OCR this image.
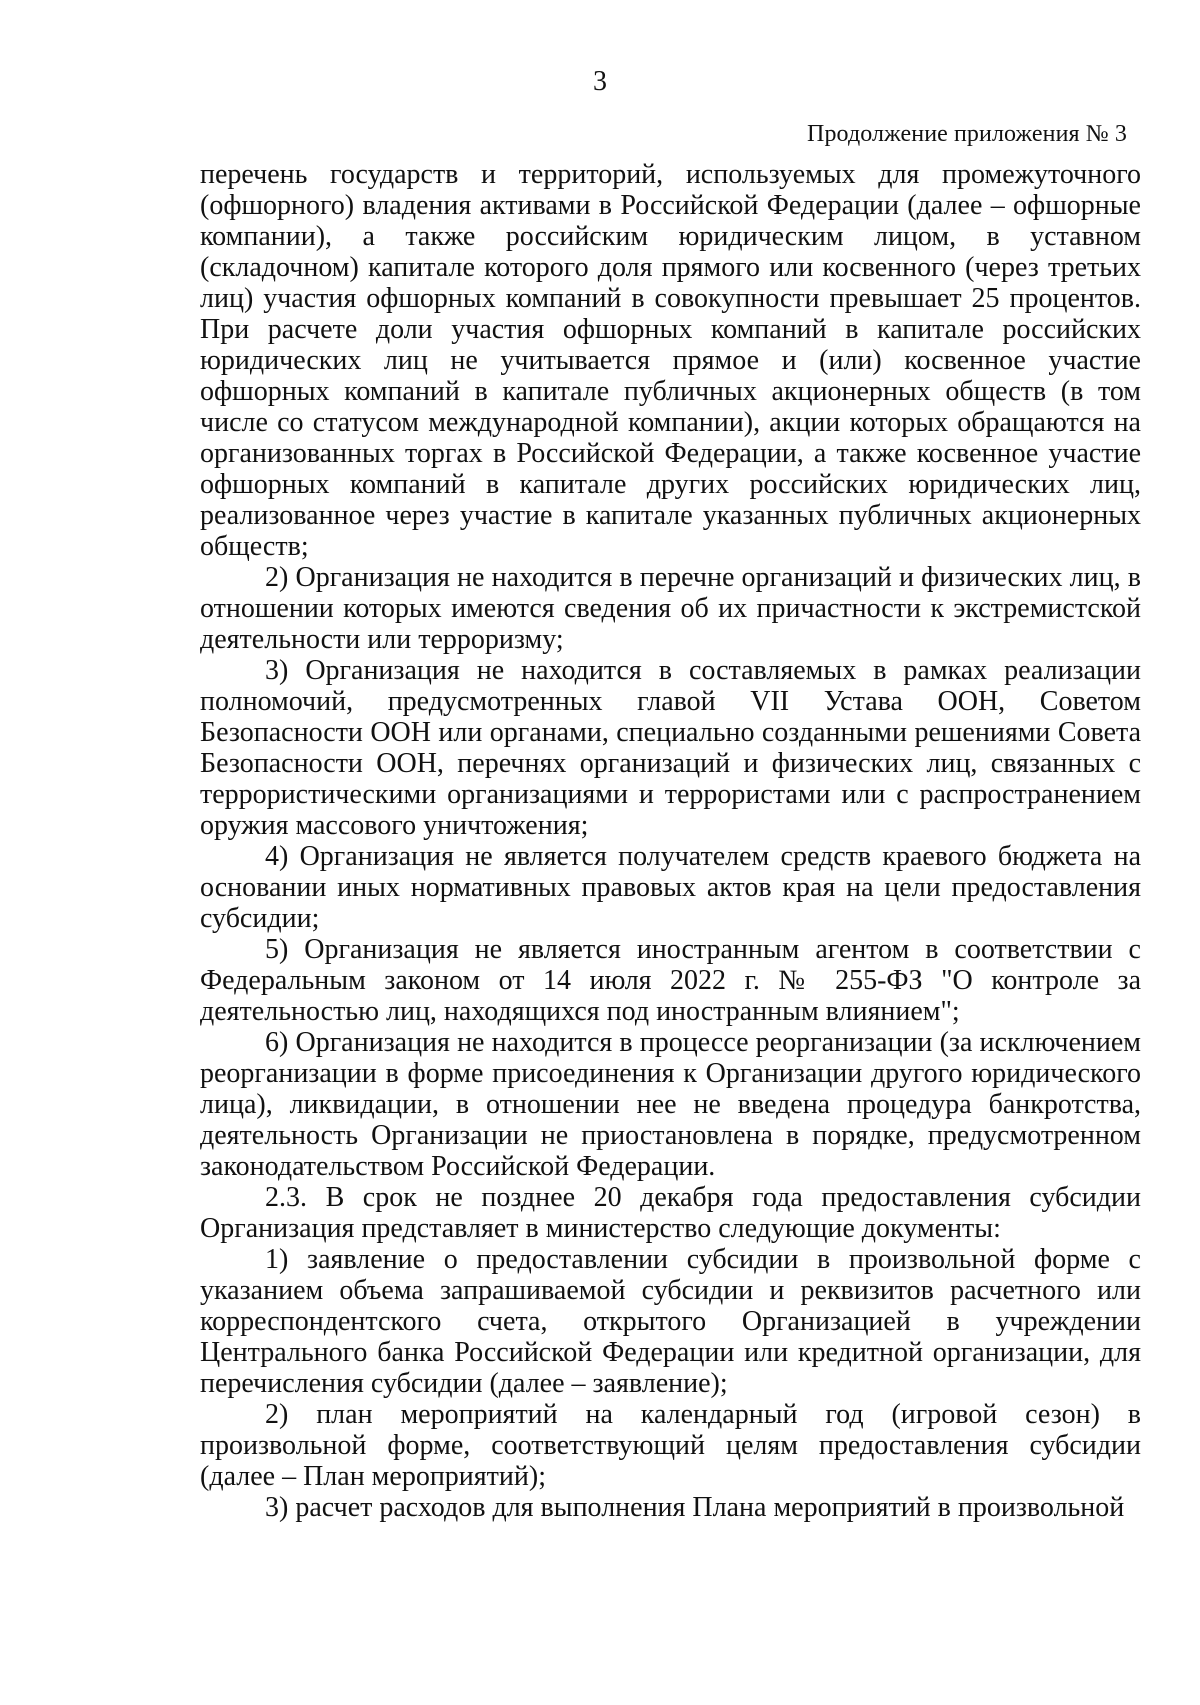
3
Продолжение приложения № 3

перечень государств и территорий, используемых для промежуточного (офшорного) владения активами в Российской Федерации (далее – офшорные компании), а также российским юридическим лицом, в уставном (складочном) капитале которого доля прямого или косвенного (через третьих лиц) участия офшорных компаний в совокупности превышает 25 процентов. При расчете доли участия офшорных компаний в капитале российских юридических лиц не учитывается прямое и (или) косвенное участие офшорных компаний в капитале публичных акционерных обществ (в том числе со статусом международной компании), акции которых обращаются на организованных торгах в Российской Федерации, а также косвенное участие офшорных компаний в капитале других российских юридических лиц, реализованное через участие в капитале указанных публичных акционерных обществ;

2) Организация не находится в перечне организаций и физических лиц, в отношении которых имеются сведения об их причастности к экстремистской деятельности или терроризму;

3) Организация не находится в составляемых в рамках реализации полномочий, предусмотренных главой VII Устава ООН, Советом Безопасности ООН или органами, специально созданными решениями Совета Безопасности ООН, перечнях организаций и физических лиц, связанных с террористическими организациями и террористами или с распространением оружия массового уничтожения;

4) Организация не является получателем средств краевого бюджета на основании иных нормативных правовых актов края на цели предоставления субсидии;

5) Организация не является иностранным агентом в соответствии с Федеральным законом от 14 июля 2022 г. № 255-ФЗ "О контроле за деятельностью лиц, находящихся под иностранным влиянием";

6) Организация не находится в процессе реорганизации (за исключением реорганизации в форме присоединения к Организации другого юридического лица), ликвидации, в отношении нее не введена процедура банкротства, деятельность Организации не приостановлена в порядке, предусмотренном законодательством Российской Федерации.

2.3. В срок не позднее 20 декабря года предоставления субсидии Организация представляет в министерство следующие документы:

1) заявление о предоставлении субсидии в произвольной форме с указанием объема запрашиваемой субсидии и реквизитов расчетного или корреспондентского счета, открытого Организацией в учреждении Центрального банка Российской Федерации или кредитной организации, для перечисления субсидии (далее – заявление);

2) план мероприятий на календарный год (игровой сезон) в произвольной форме, соответствующий целям предоставления субсидии (далее – План мероприятий);

3) расчет расходов для выполнения Плана мероприятий в произвольной
